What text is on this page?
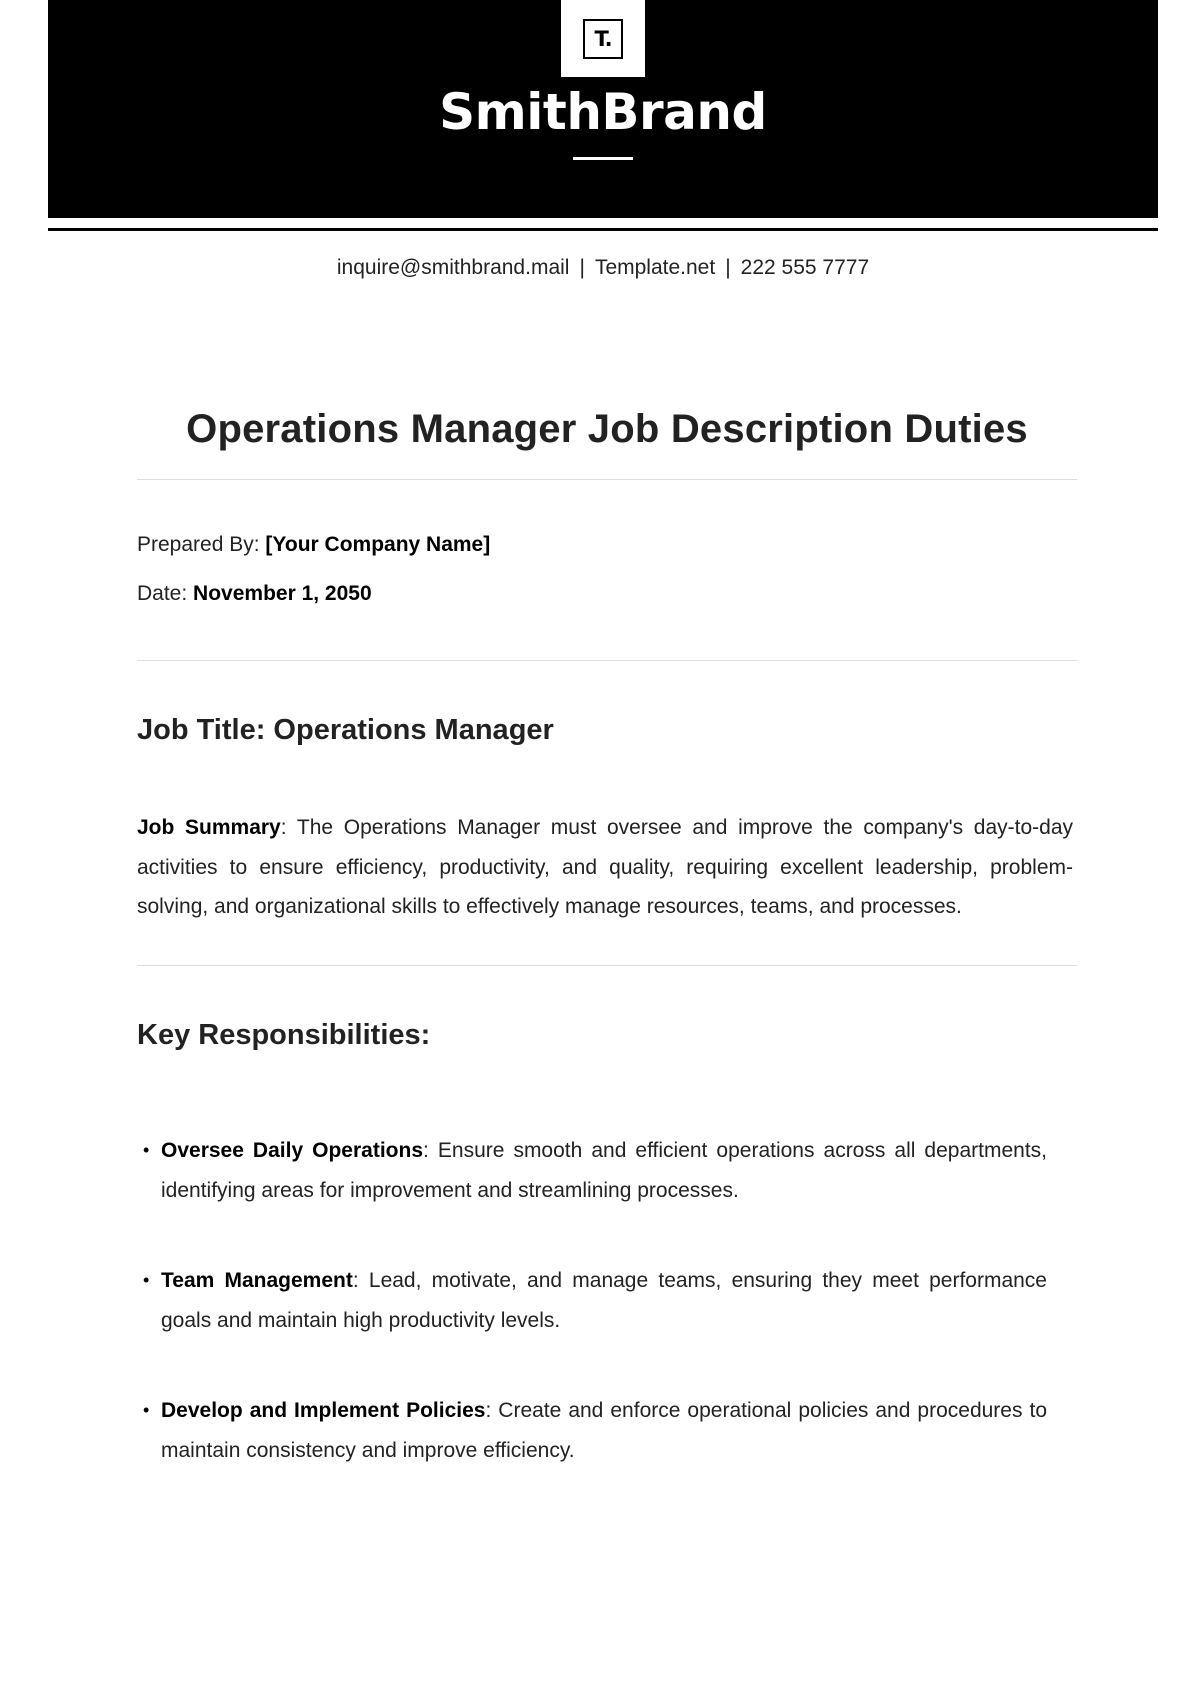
T.
SmithBrand
inquire@smithbrand.mail | Template.net | 222 555 7777
Operations Manager Job Description Duties
Prepared By: [Your Company Name]
Date: November 1, 2050
Job Title: Operations Manager

Job Summary: The Operations Manager must oversee and improve the company's day-to-day activities to ensure efficiency, productivity, and quality, requiring excellent leadership, problem-solving, and organizational skills to effectively manage resources, teams, and processes.

Key Responsibilities:
• Oversee Daily Operations: Ensure smooth and efficient operations across all departments, identifying areas for improvement and streamlining processes.
• Team Management: Lead, motivate, and manage teams, ensuring they meet performance goals and maintain high productivity levels.
• Develop and Implement Policies: Create and enforce operational policies and procedures to maintain consistency and improve efficiency.
